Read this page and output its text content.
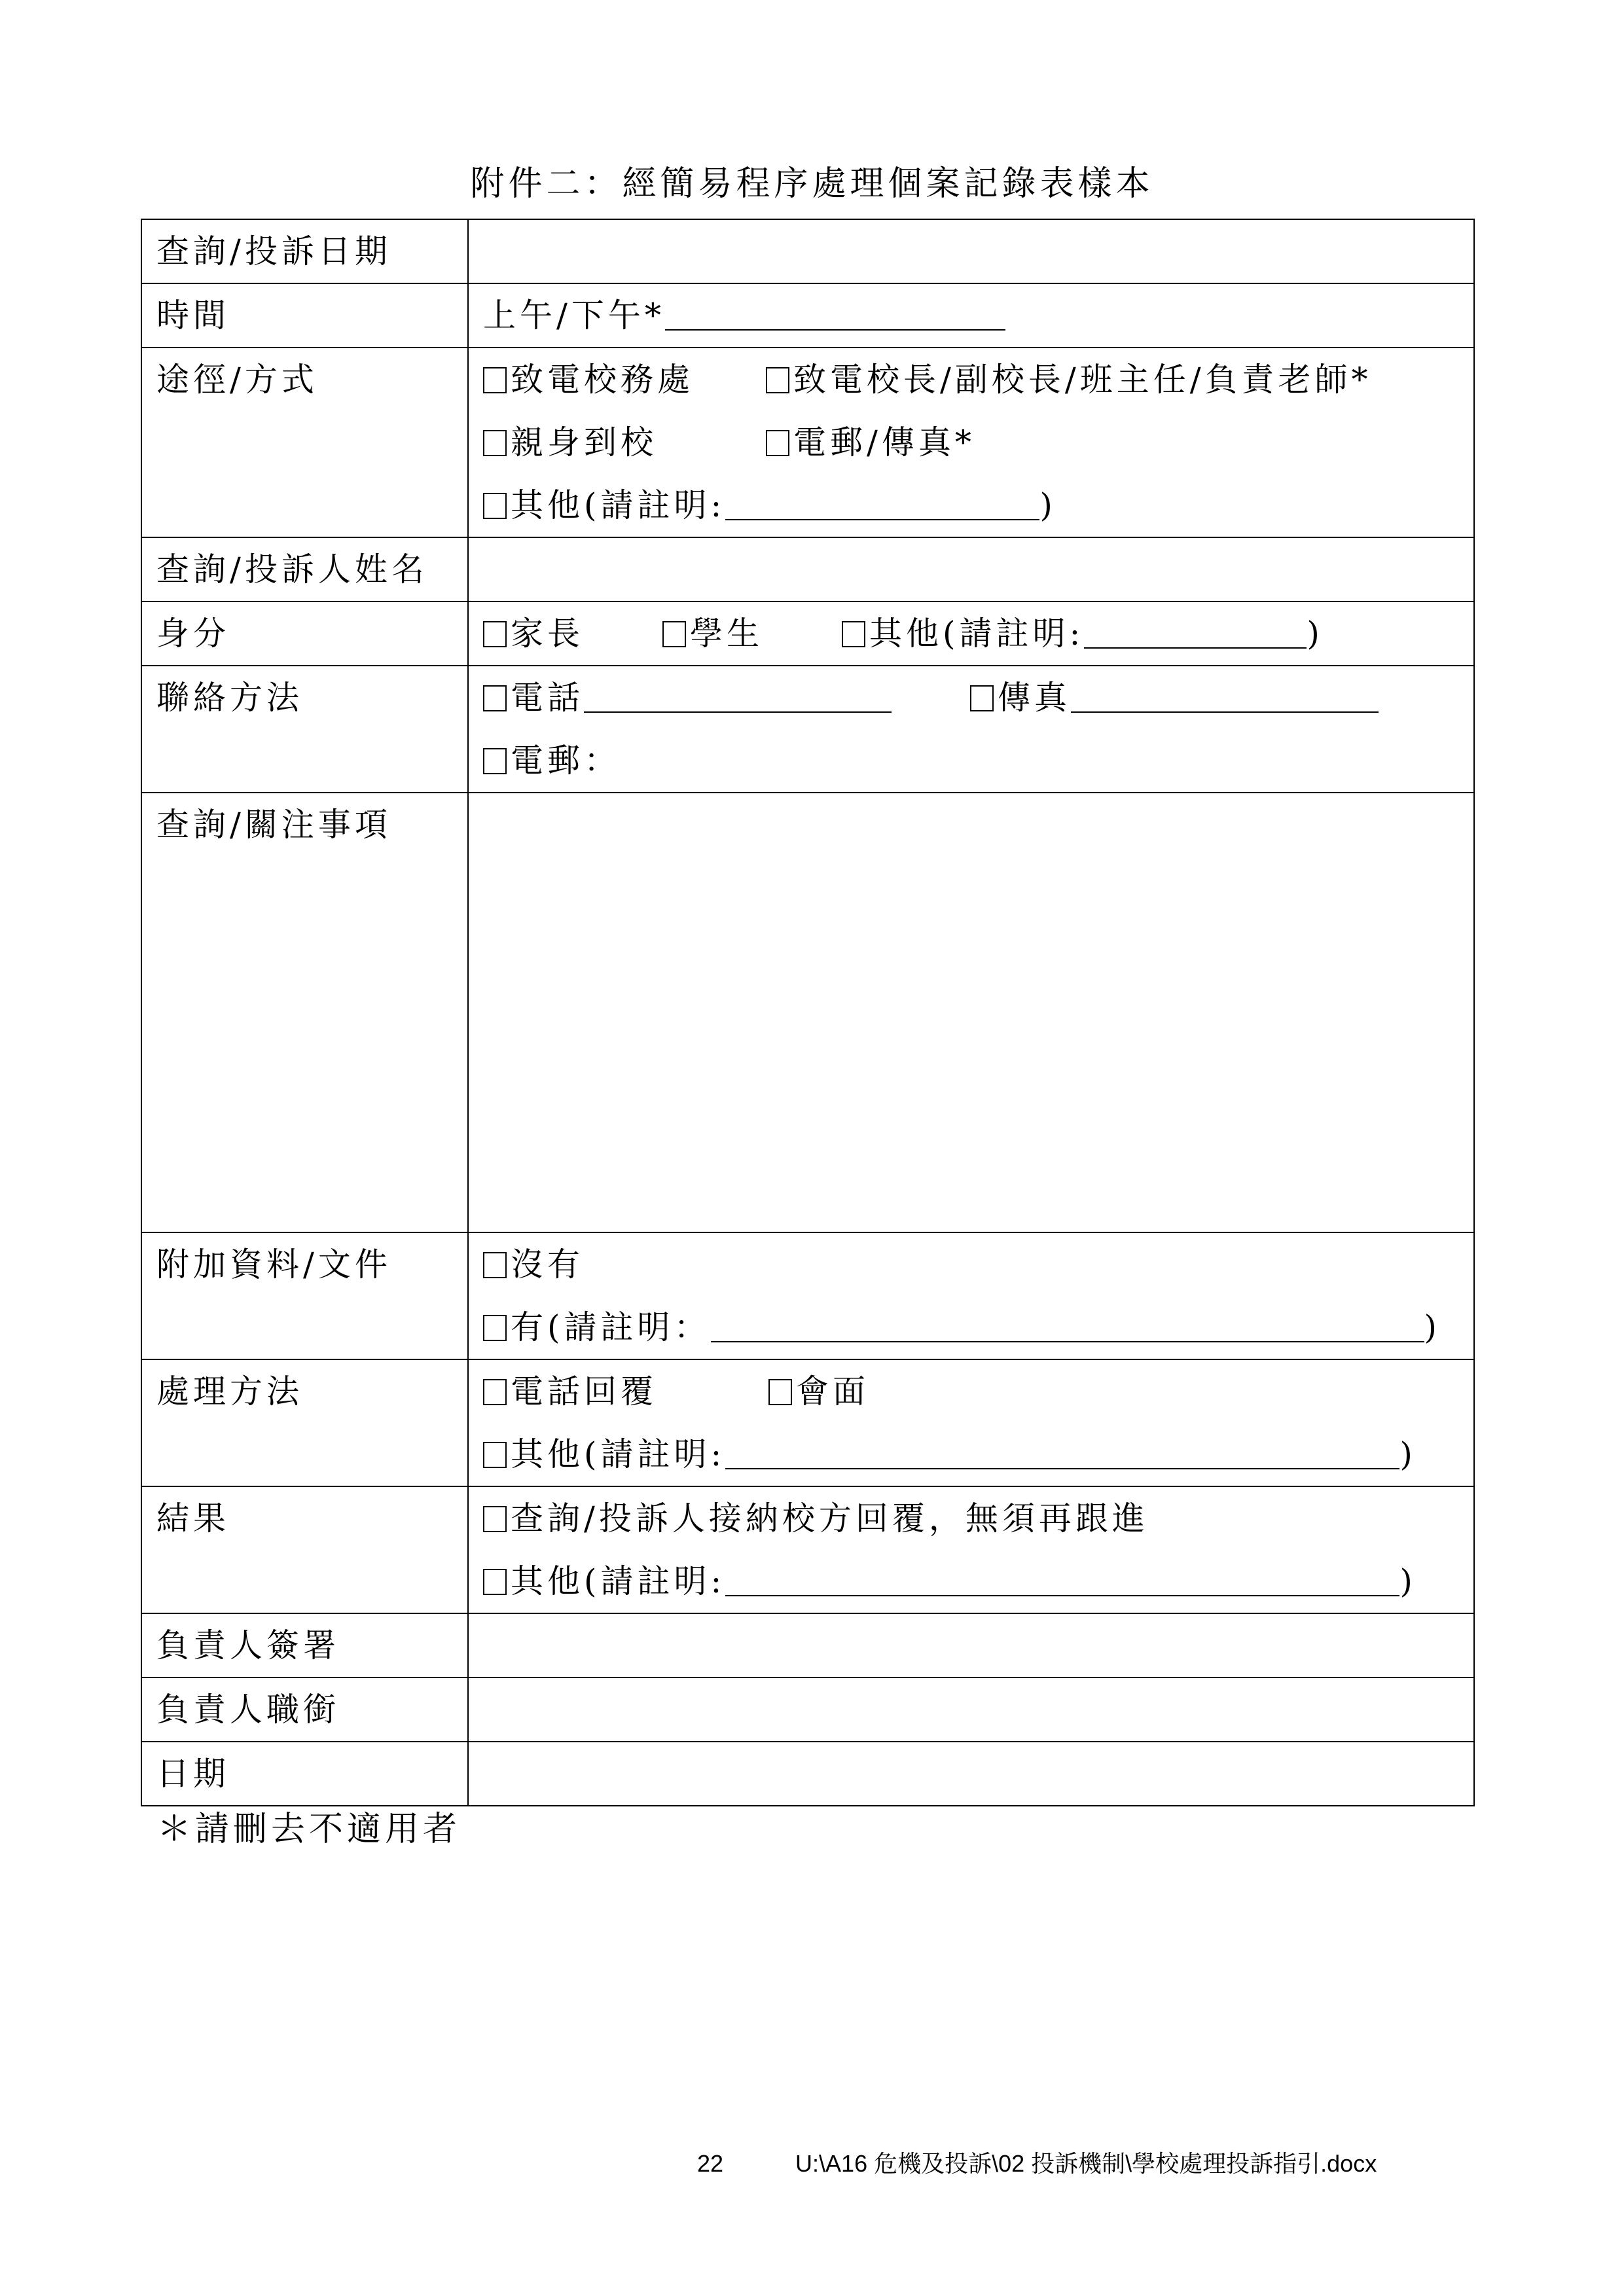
附件二：經簡易程序處理個案記錄表樣本
查詢/投訴日期	
時間	上午/下午*

途徑/方式	致電校務處 致電校長/副校長/班主任/負責老師*
親身到校 電郵/傳真*
其他(請註明: )

查詢/投訴人姓名	
身分	家長 學生 其他(請註明: )

聯絡方法	電話 傳真
電郵：

查詢/關注事項	
附加資料/文件	沒有
有(請註明： )

處理方法	電話回覆 會面
其他(請註明: )

結果	查詢/投訴人接納校方回覆，無須再跟進
其他(請註明: )

負責人簽署	
負責人職銜	
日期	
＊請刪去不適用者
22	U:\A16 危機及投訴\02 投訴機制\學校處理投訴指引.docx
